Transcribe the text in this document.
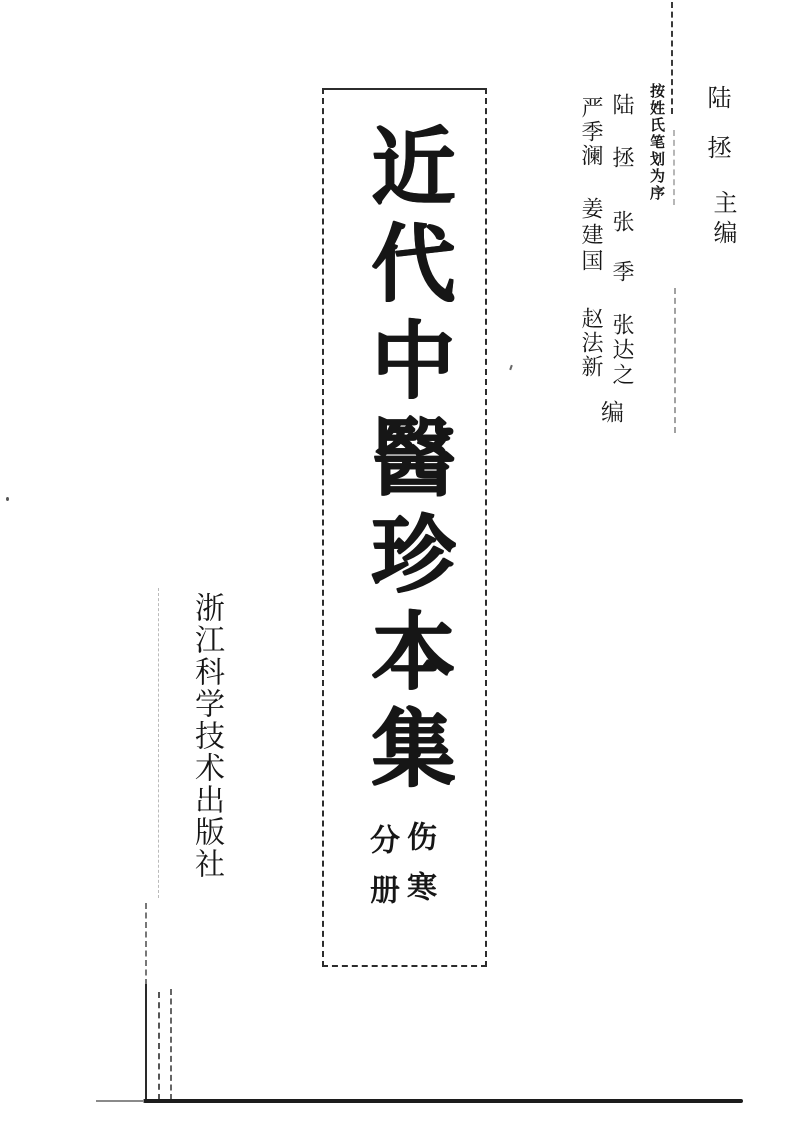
陆拯
主编
按姓氏笔划为序
陆拯
张季
张达之
严季澜
姜建国
赵法新
编
近代中醫珍本集
伤寒
分册
浙江科学技术出版社
